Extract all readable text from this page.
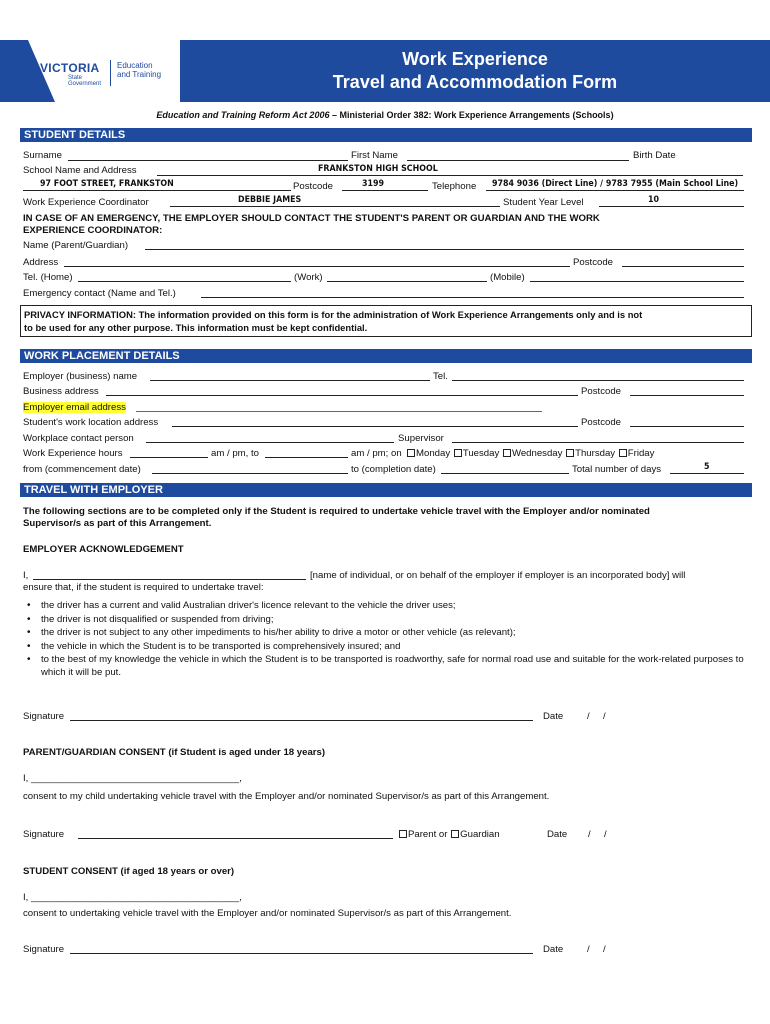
Work Experience
Travel and Accommodation Form
VICTORIA
State
Government
Education
and Training
Education and Training Reform Act 2006 – Ministerial Order 382: Work Experience Arrangements (Schools)
STUDENT DETAILS
Surname	First Name	Birth Date
School Name and Address	FRANKSTON HIGH SCHOOL
97 FOOT STREET, FRANKSTON	Postcode	3199	Telephone 9784 9036 (Direct Line) / 9783 7955 (Main School Line)
Work Experience Coordinator	DEBBIE JAMES	Student Year Level	10
IN CASE OF AN EMERGENCY, THE EMPLOYER SHOULD CONTACT THE STUDENT'S PARENT OR GUARDIAN AND THE WORK
EXPERIENCE COORDINATOR:
Name (Parent/Guardian)
Address	Postcode
Tel. (Home)	(Work)	(Mobile)
Emergency contact (Name and Tel.)
PRIVACY INFORMATION: The information provided on this form is for the administration of Work Experience Arrangements only and is not
to be used for any other purpose. This information must be kept confidential.
WORK PLACEMENT DETAILS
Employer (business) name	Tel.
Business address	Postcode
Employer email address
Student's work location address	Postcode
Workplace contact person	Supervisor
Work Experience hours	am / pm, to	am / pm; on	Monday Tuesday Wednesday Thursday Friday
from (commencement date)	to (completion date)	Total number of days	5
TRAVEL WITH EMPLOYER
The following sections are to be completed only if the Student is required to undertake vehicle travel with the Employer and/or nominated
Supervisor/s as part of this Arrangement.
EMPLOYER ACKNOWLEDGEMENT
I,	[name of individual, or on behalf of the employer if employer is an incorporated body] will
ensure that, if the student is required to undertake travel:
• the driver has a current and valid Australian driver's licence relevant to the vehicle the driver uses;
• the driver is not disqualified or suspended from driving;
• the driver is not subject to any other impediments to his/her ability to drive a motor or other vehicle (as relevant);
• the vehicle in which the Student is to be transported is comprehensively insured; and
• to the best of my knowledge the vehicle in which the Student is to be transported is roadworthy, safe for normal road use and suitable for the work-related purposes to which it will be put.
Signature	Date /     /
PARENT/GUARDIAN CONSENT (if Student is aged under 18 years)
I, _______________________________________,
consent to my child undertaking vehicle travel with the Employer and/or nominated Supervisor/s as part of this Arrangement.
Signature	Parent or Guardian	Date /     /
STUDENT CONSENT (if aged 18 years or over)
I, _______________________________________,
consent to undertaking vehicle travel with the Employer and/or nominated Supervisor/s as part of this Arrangement.
Signature	Date /     /
